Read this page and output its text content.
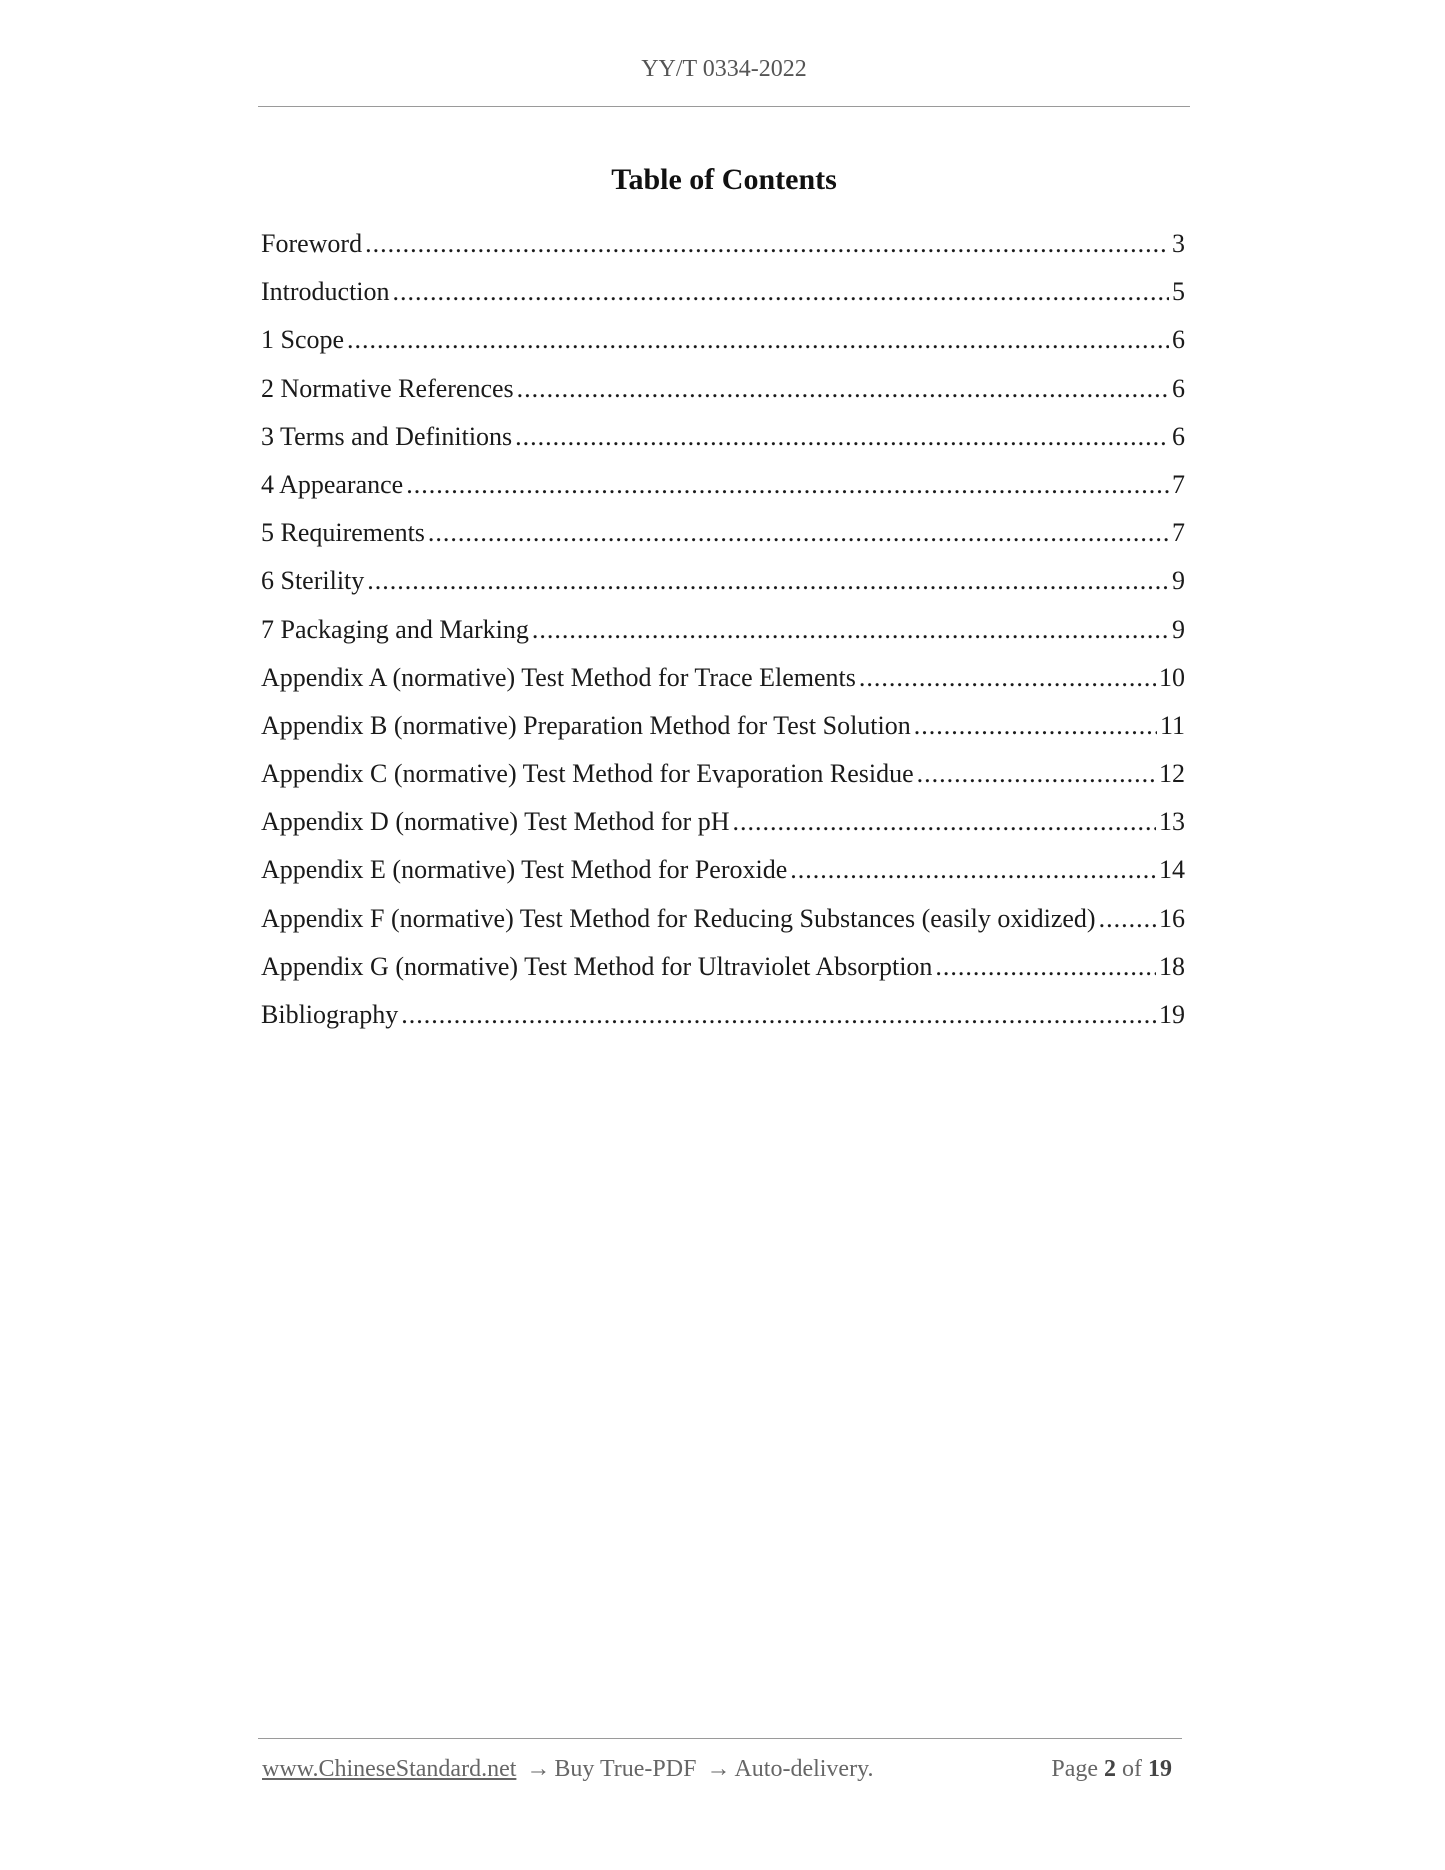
YY/T 0334-2022
Table of Contents
Foreword .....	3
Introduction .....	5
1 Scope .....	6
2 Normative References .....	6
3 Terms and Definitions .....	6
4 Appearance .....	7
5 Requirements .....	7
6 Sterility .....	9
7 Packaging and Marking .....	9
Appendix A (normative) Test Method for Trace Elements .....	10
Appendix B (normative) Preparation Method for Test Solution .....	11
Appendix C (normative) Test Method for Evaporation Residue .....	12
Appendix D (normative) Test Method for pH .....	13
Appendix E (normative) Test Method for Peroxide .....	14
Appendix F (normative) Test Method for Reducing Substances (easily oxidized) ..... 16
Appendix G (normative) Test Method for Ultraviolet Absorption .....	18
Bibliography .....	19
www.ChineseStandard.net → Buy True-PDF → Auto-delivery.	Page 2 of 19
